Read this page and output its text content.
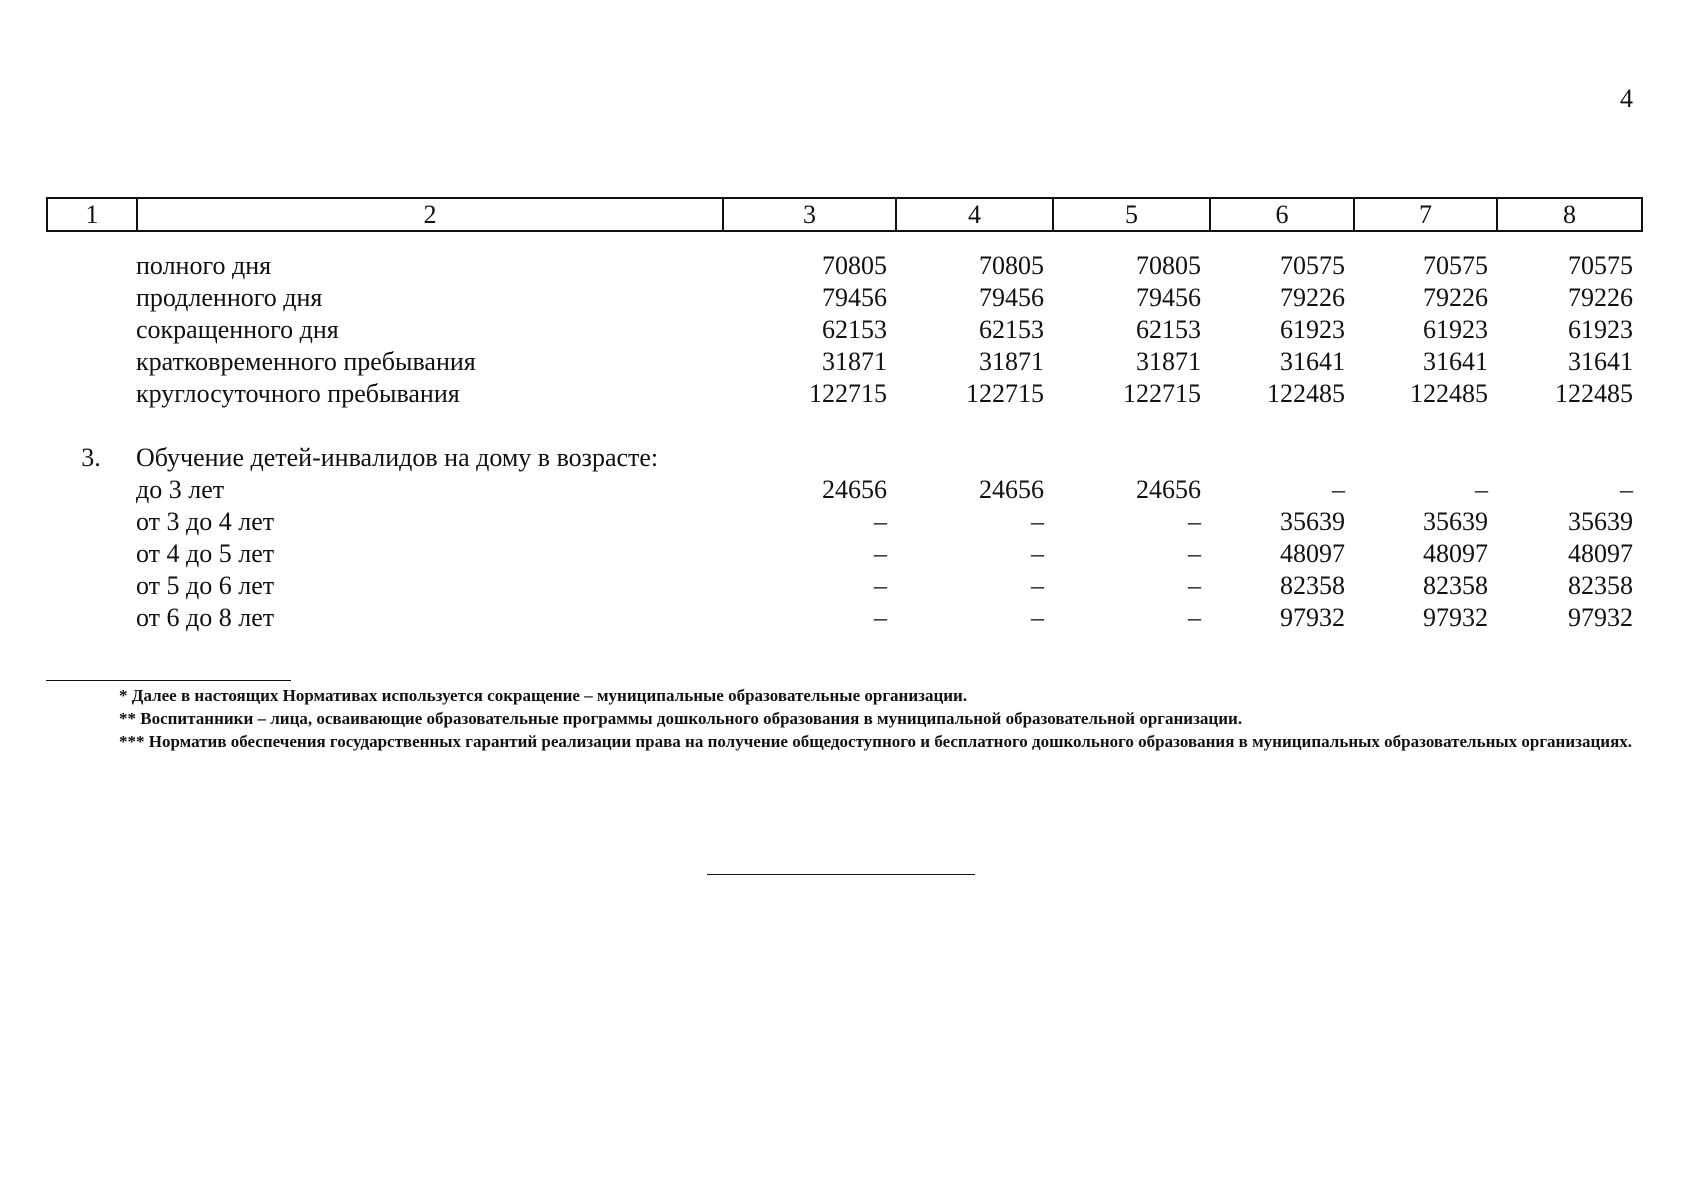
4
1	2	3	4	5	6	7	8
	полного дня	70805	70805	70805	70575	70575	70575
	продленного дня	79456	79456	79456	79226	79226	79226
	сокращенного дня	62153	62153	62153	61923	61923	61923
	кратковременного пребывания	31871	31871	31871	31641	31641	31641
	круглосуточного пребывания	122715	122715	122715	122485	122485	122485

3.	Обучение детей-инвалидов на дому в возрасте:						
	до 3 лет	24656	24656	24656	–	–	–
	от 3 до 4 лет	–	–	–	35639	35639	35639
	от 4 до 5 лет	–	–	–	48097	48097	48097
	от 5 до 6 лет	–	–	–	82358	82358	82358
	от 6 до 8 лет	–	–	–	97932	97932	97932

* Далее в настоящих Нормативах используется сокращение – муниципальные образовательные организации.

** Воспитанники – лица, осваивающие образовательные программы дошкольного образования в муниципальной образовательной организации.

*** Норматив обеспечения государственных гарантий реализации права на получение общедоступного и бесплатного дошкольного образования в муниципальных образовательных организациях.
